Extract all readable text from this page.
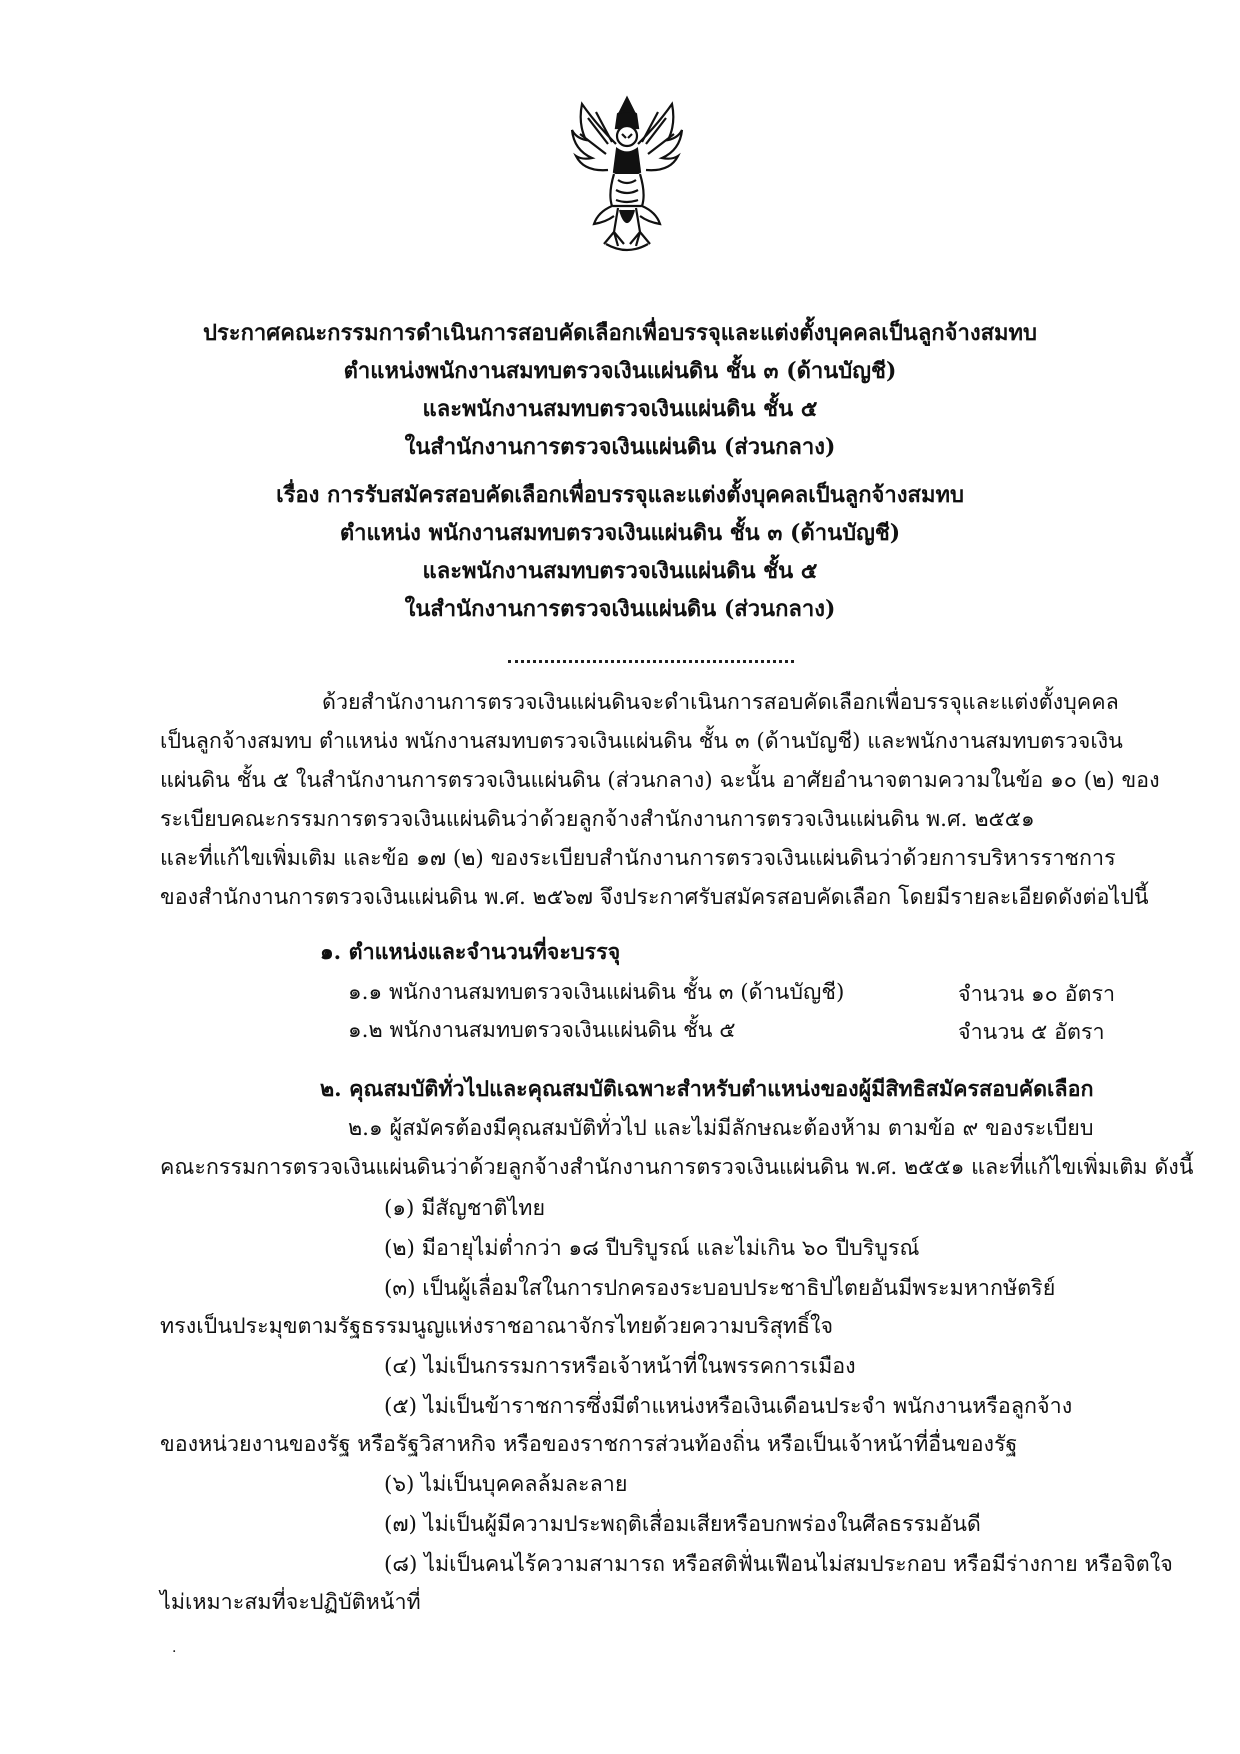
ประกาศคณะกรรมการดำเนินการสอบคัดเลือกเพื่อบรรจุและแต่งตั้งบุคคลเป็นลูกจ้างสมทบ
ตำแหน่งพนักงานสมทบตรวจเงินแผ่นดิน ชั้น ๓ (ด้านบัญชี)
และพนักงานสมทบตรวจเงินแผ่นดิน ชั้น ๕
ในสำนักงานการตรวจเงินแผ่นดิน (ส่วนกลาง)
เรื่อง การรับสมัครสอบคัดเลือกเพื่อบรรจุและแต่งตั้งบุคคลเป็นลูกจ้างสมทบ
ตำแหน่ง พนักงานสมทบตรวจเงินแผ่นดิน ชั้น ๓ (ด้านบัญชี)
และพนักงานสมทบตรวจเงินแผ่นดิน ชั้น ๕
ในสำนักงานการตรวจเงินแผ่นดิน (ส่วนกลาง)
ด้วยสำนักงานการตรวจเงินแผ่นดินจะดำเนินการสอบคัดเลือกเพื่อบรรจุและแต่งตั้งบุคคล
เป็นลูกจ้างสมทบ ตำแหน่ง พนักงานสมทบตรวจเงินแผ่นดิน ชั้น ๓ (ด้านบัญชี) และพนักงานสมทบตรวจเงิน
แผ่นดิน ชั้น ๕ ในสำนักงานการตรวจเงินแผ่นดิน (ส่วนกลาง) ฉะนั้น อาศัยอำนาจตามความในข้อ ๑๐ (๒) ของ
ระเบียบคณะกรรมการตรวจเงินแผ่นดินว่าด้วยลูกจ้างสำนักงานการตรวจเงินแผ่นดิน พ.ศ. ๒๕๕๑
และที่แก้ไขเพิ่มเติม และข้อ ๑๗ (๒) ของระเบียบสำนักงานการตรวจเงินแผ่นดินว่าด้วยการบริหารราชการ
ของสำนักงานการตรวจเงินแผ่นดิน พ.ศ. ๒๕๖๗ จึงประกาศรับสมัครสอบคัดเลือก โดยมีรายละเอียดดังต่อไปนี้
๑. ตำแหน่งและจำนวนที่จะบรรจุ
๑.๑ พนักงานสมทบตรวจเงินแผ่นดิน ชั้น ๓ (ด้านบัญชี)	จำนวน ๑๐ อัตรา
๑.๒ พนักงานสมทบตรวจเงินแผ่นดิน ชั้น ๕	จำนวน ๕ อัตรา
๒. คุณสมบัติทั่วไปและคุณสมบัติเฉพาะสำหรับตำแหน่งของผู้มีสิทธิสมัครสอบคัดเลือก
๒.๑ ผู้สมัครต้องมีคุณสมบัติทั่วไป และไม่มีลักษณะต้องห้าม ตามข้อ ๙ ของระเบียบ
คณะกรรมการตรวจเงินแผ่นดินว่าด้วยลูกจ้างสำนักงานการตรวจเงินแผ่นดิน พ.ศ. ๒๕๕๑ และที่แก้ไขเพิ่มเติม ดังนี้
(๑) มีสัญชาติไทย
(๒) มีอายุไม่ต่ำกว่า ๑๘ ปีบริบูรณ์ และไม่เกิน ๖๐ ปีบริบูรณ์
(๓) เป็นผู้เลื่อมใสในการปกครองระบอบประชาธิปไตยอันมีพระมหากษัตริย์
ทรงเป็นประมุขตามรัฐธรรมนูญแห่งราชอาณาจักรไทยด้วยความบริสุทธิ์ใจ
(๔) ไม่เป็นกรรมการหรือเจ้าหน้าที่ในพรรคการเมือง
(๕) ไม่เป็นข้าราชการซึ่งมีตำแหน่งหรือเงินเดือนประจำ พนักงานหรือลูกจ้าง
ของหน่วยงานของรัฐ หรือรัฐวิสาหกิจ หรือของราชการส่วนท้องถิ่น หรือเป็นเจ้าหน้าที่อื่นของรัฐ
(๖) ไม่เป็นบุคคลล้มละลาย
(๗) ไม่เป็นผู้มีความประพฤติเสื่อมเสียหรือบกพร่องในศีลธรรมอันดี
(๘) ไม่เป็นคนไร้ความสามารถ หรือสติฟั่นเฟือนไม่สมประกอบ หรือมีร่างกาย หรือจิตใจ
ไม่เหมาะสมที่จะปฏิบัติหน้าที่
·
